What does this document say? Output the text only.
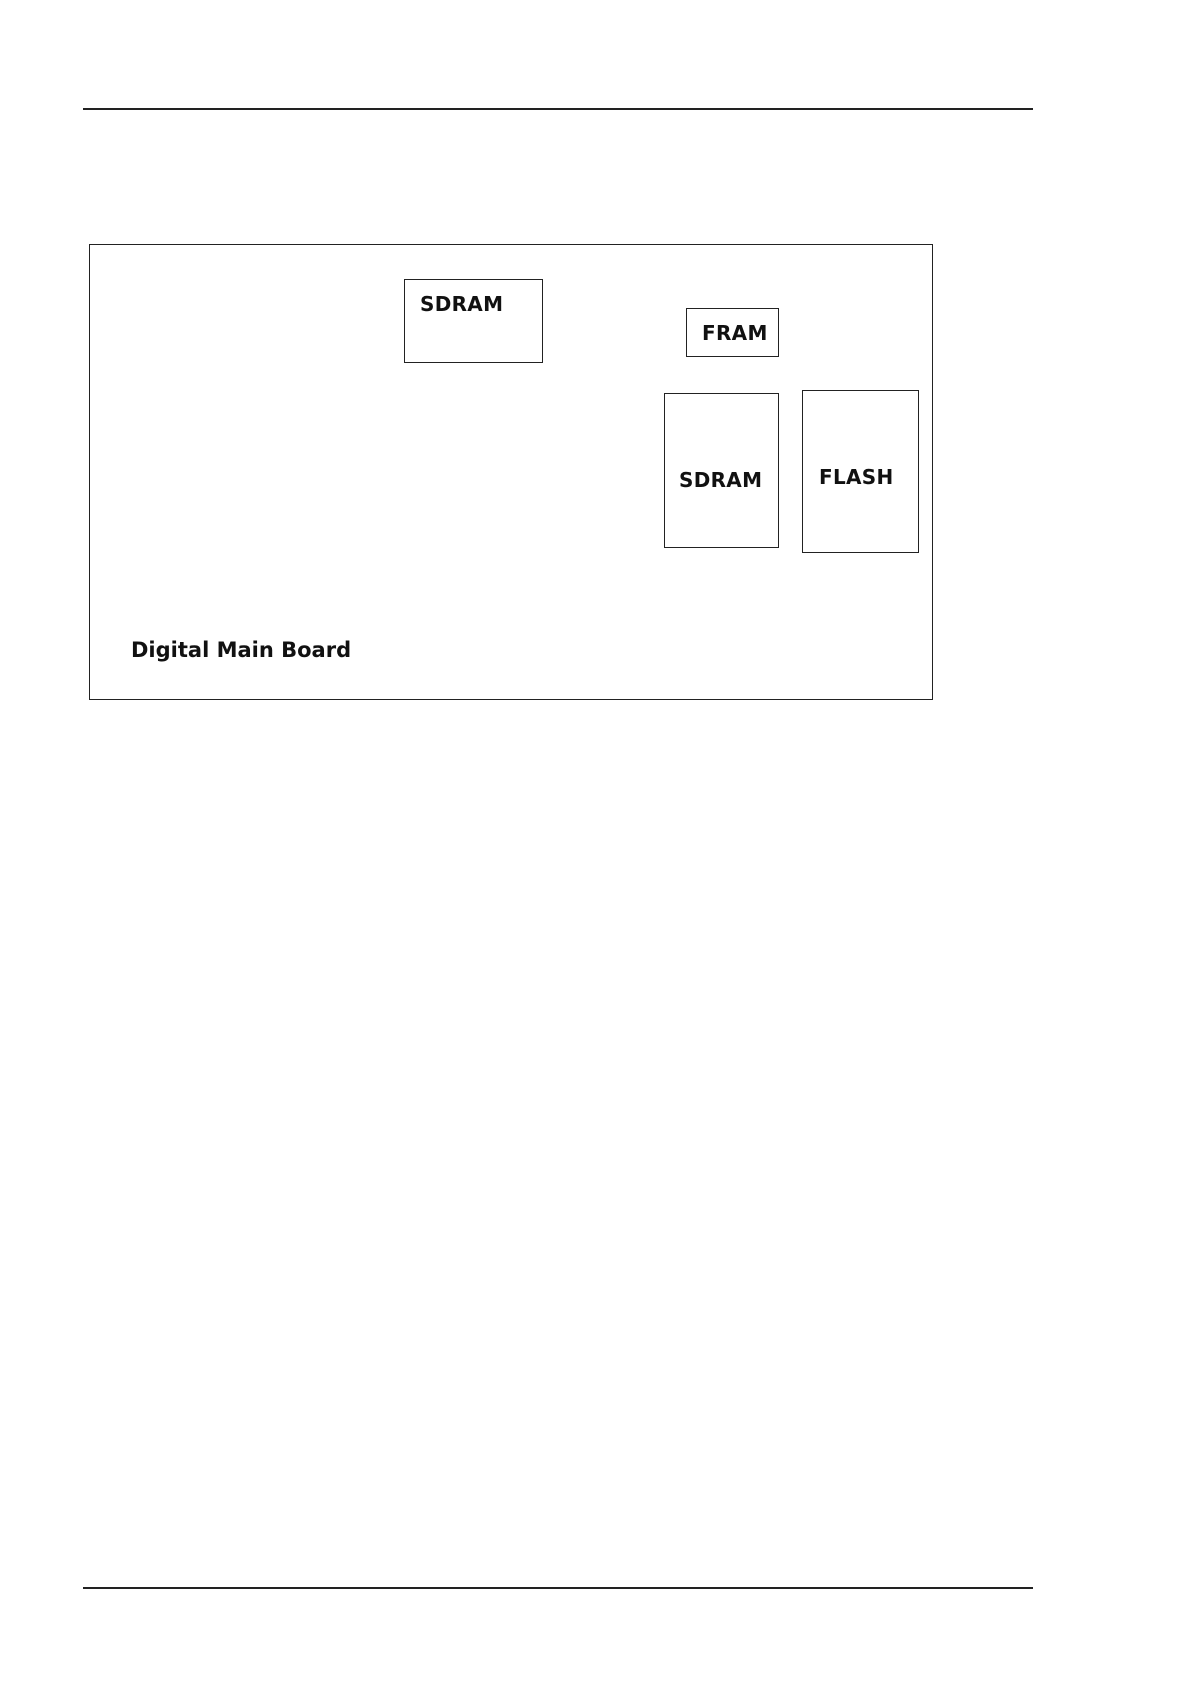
SDRAM
FRAM
SDRAM	FLASH
Digital Main Board
